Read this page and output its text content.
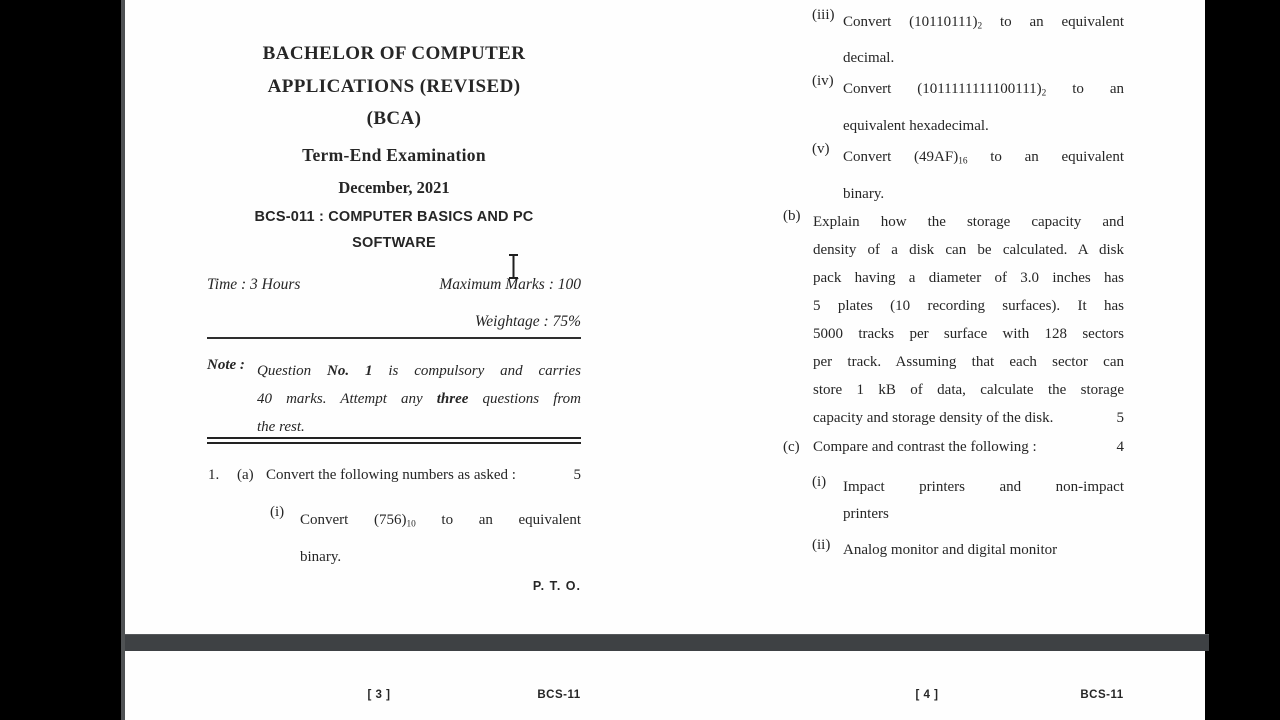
BACHELOR OF COMPUTER
APPLICATIONS (REVISED)
(BCA)
Term-End Examination
December, 2021
BCS-011 : COMPUTER BASICS AND PC
SOFTWARE
Time : 3 Hours	Maximum Marks : 100
Weightage : 75%
Note : Question No. 1 is compulsory and carries
40 marks. Attempt any three questions from
the rest.
1. (a) Convert the following numbers as asked :	5
(i) Convert $(756)_{10}$ to an equivalent
binary.
P. T. O.
(iii) Convert $(10110111)_2$ to an equivalent
decimal.
(iv) Convert $(1011111111100111)_2$ to an
equivalent hexadecimal.
(v) Convert $(49AF)_{16}$ to an equivalent
binary.
(b) Explain how the storage capacity and
density of a disk can be calculated. A disk
pack having a diameter of 3.0 inches has
5 plates (10 recording surfaces). It has
5000 tracks per surface with 128 sectors
per track. Assuming that each sector can
store 1 kB of data, calculate the storage
capacity and storage density of the disk.	5
(c) Compare and contrast the following :	4
(i) Impact printers and non-impact
printers
(ii) Analog monitor and digital monitor
[ 3 ]	BCS-11	[ 4 ]	BCS-11
